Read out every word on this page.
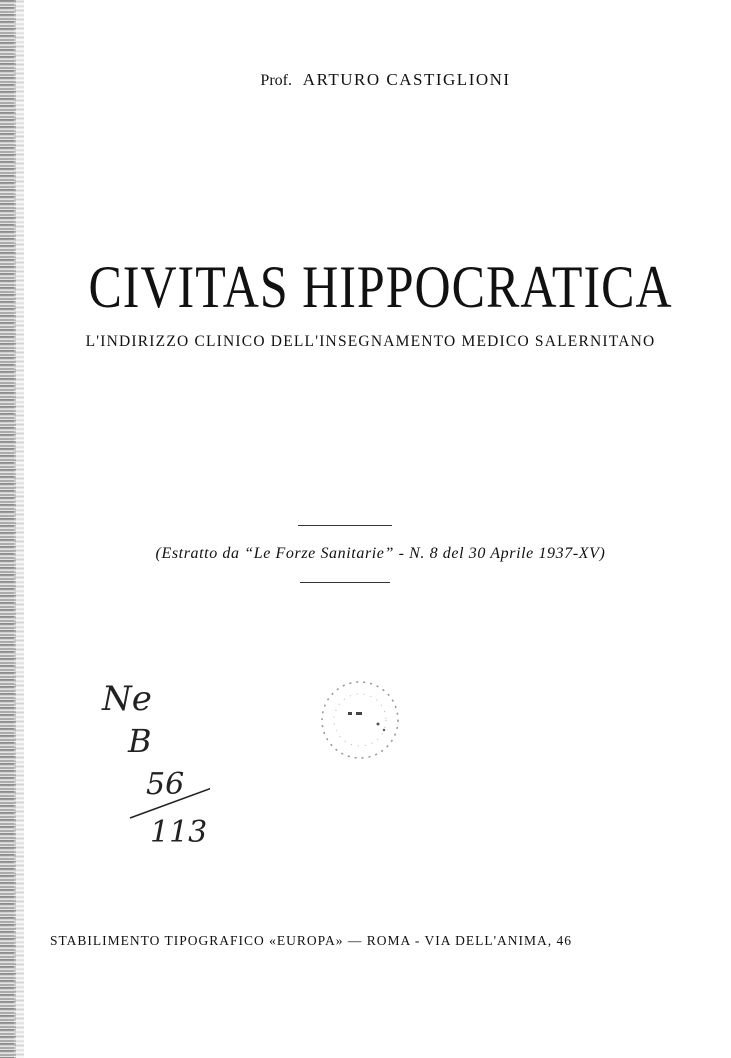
Prof. ARTURO CASTIGLIONI
CIVITAS HIPPOCRATICA
L'INDIRIZZO CLINICO DELL'INSEGNAMENTO MEDICO SALERNITANO
(Estratto da “Le Forze Sanitarie” - N. 8 del 30 Aprile 1937-XV)
Ne
B
56
113
STABILIMENTO TIPOGRAFICO «EUROPA» — ROMA - VIA DELL'ANIMA, 46
